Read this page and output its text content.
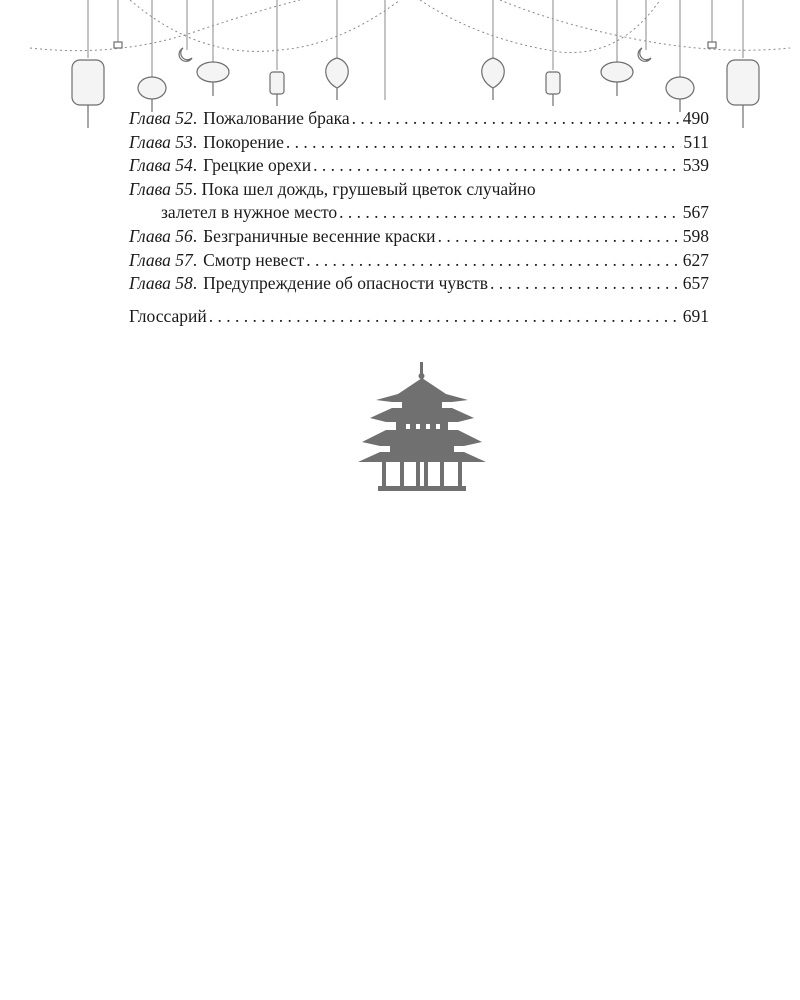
Глава 52 . Пожалование брака . . .	490
Глава 53 . Покорение . . .	511
Глава 54 . Грецкие орехи . . .	539
Глава 55. Пока шел дождь, грушевый цветок случайно
залетел в нужное место . . .	567
Глава 56 . Безграничные весенние краски . . .	598
Глава 57 . Смотр невест . . .	627
Глава 58 . Предупреждение об опасности чувств . . .	657
Глоссарий . . .	691
